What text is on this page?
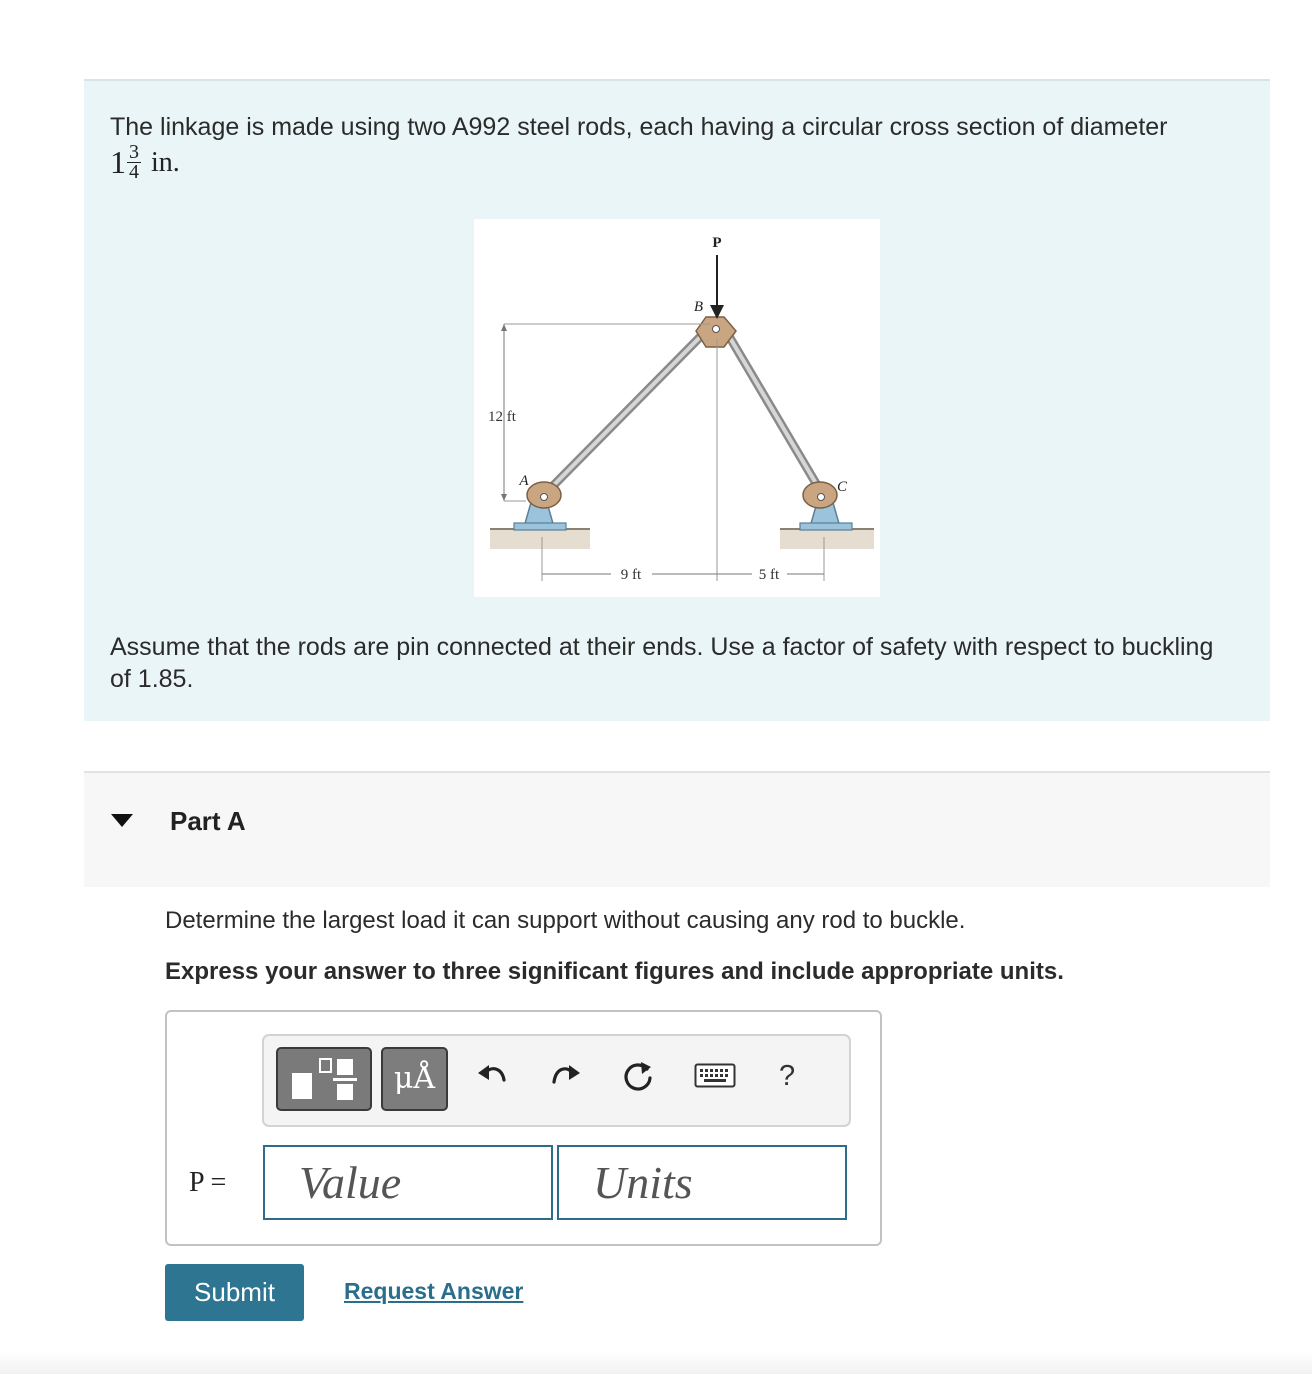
The linkage is made using two A992 steel rods, each having a circular cross section of diameter
$1 \frac{3}{4}$ in.
P
B
A	C
12 ft
9 ft	5 ft
Assume that the rods are pin connected at their ends. Use a factor of safety with respect to buckling of 1.85.
Part A
Determine the largest load it can support without causing any rod to buckle.
Express your answer to three significant figures and include appropriate units.
μÅ	?
P =
Value
Units
Submit	Request Answer
